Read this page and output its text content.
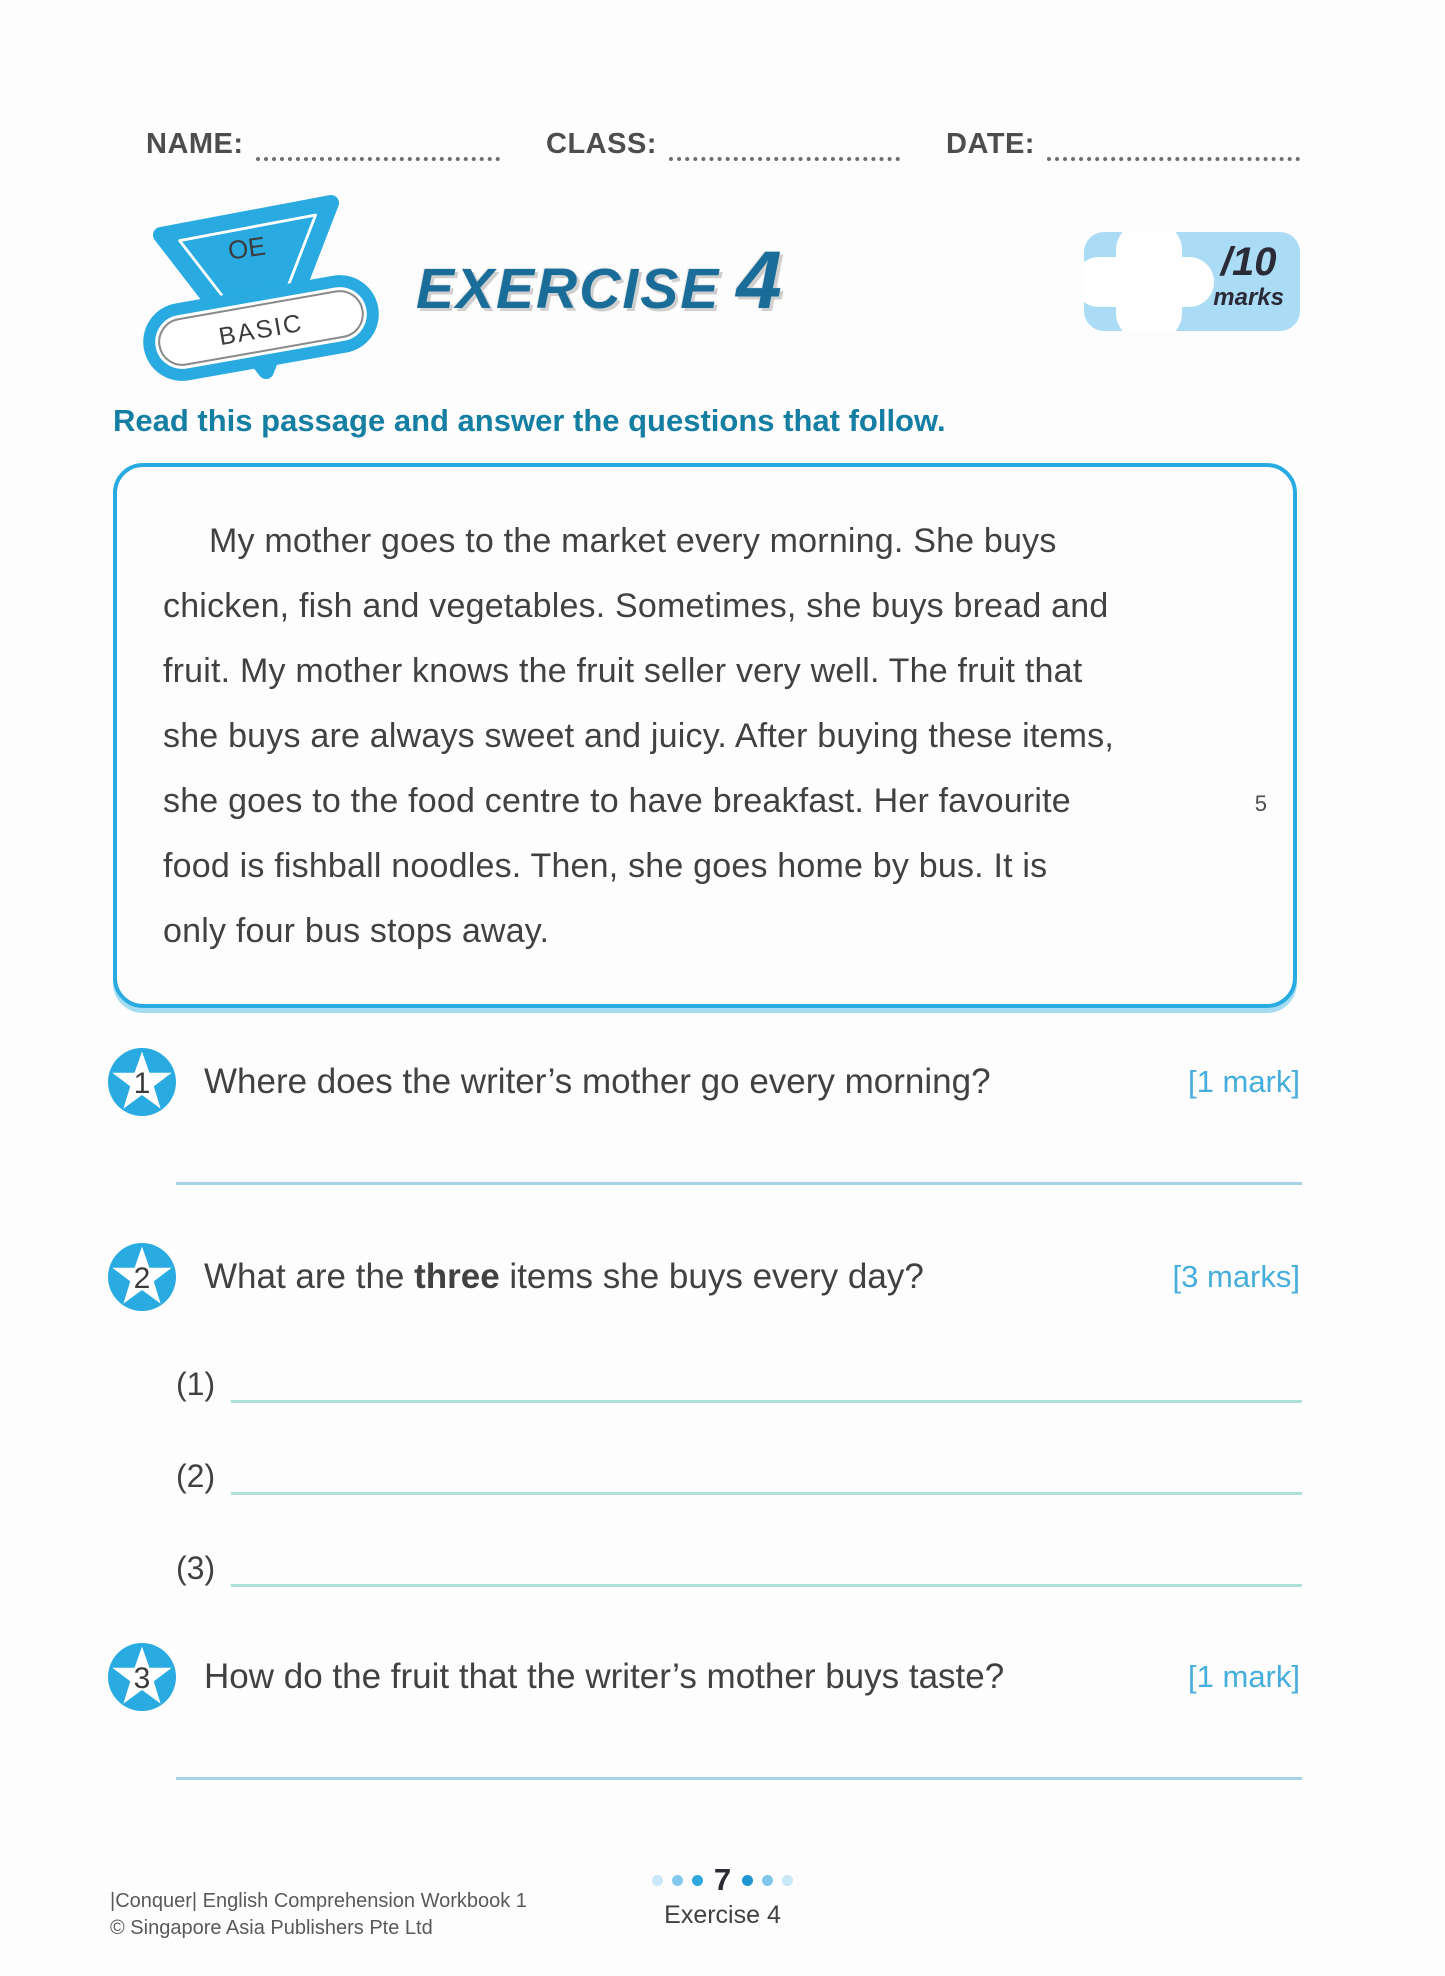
NAME:	CLASS:	DATE:
OE
BASIC
EXERCISE 4	/10
marks

Read this passage and answer the questions that follow.

My mother goes to the market every morning. She buys
chicken, fish and vegetables. Sometimes, she buys bread and
fruit. My mother knows the fruit seller very well. The fruit that
she buys are always sweet and juicy. After buying these items,
she goes to the food centre to have breakfast. Her favourite
food is fishball noodles. Then, she goes home by bus. It is
only four bus stops away.
5
1	Where does the writer’s mother go every morning?	[1 mark]
2	What are the three items she buys every day?	[3 marks]
(1)
(2)
(3)
3	How do the fruit that the writer’s mother buys taste?	[1 mark]
7
Exercise 4
|Conquer| English Comprehension Workbook 1
© Singapore Asia Publishers Pte Ltd
